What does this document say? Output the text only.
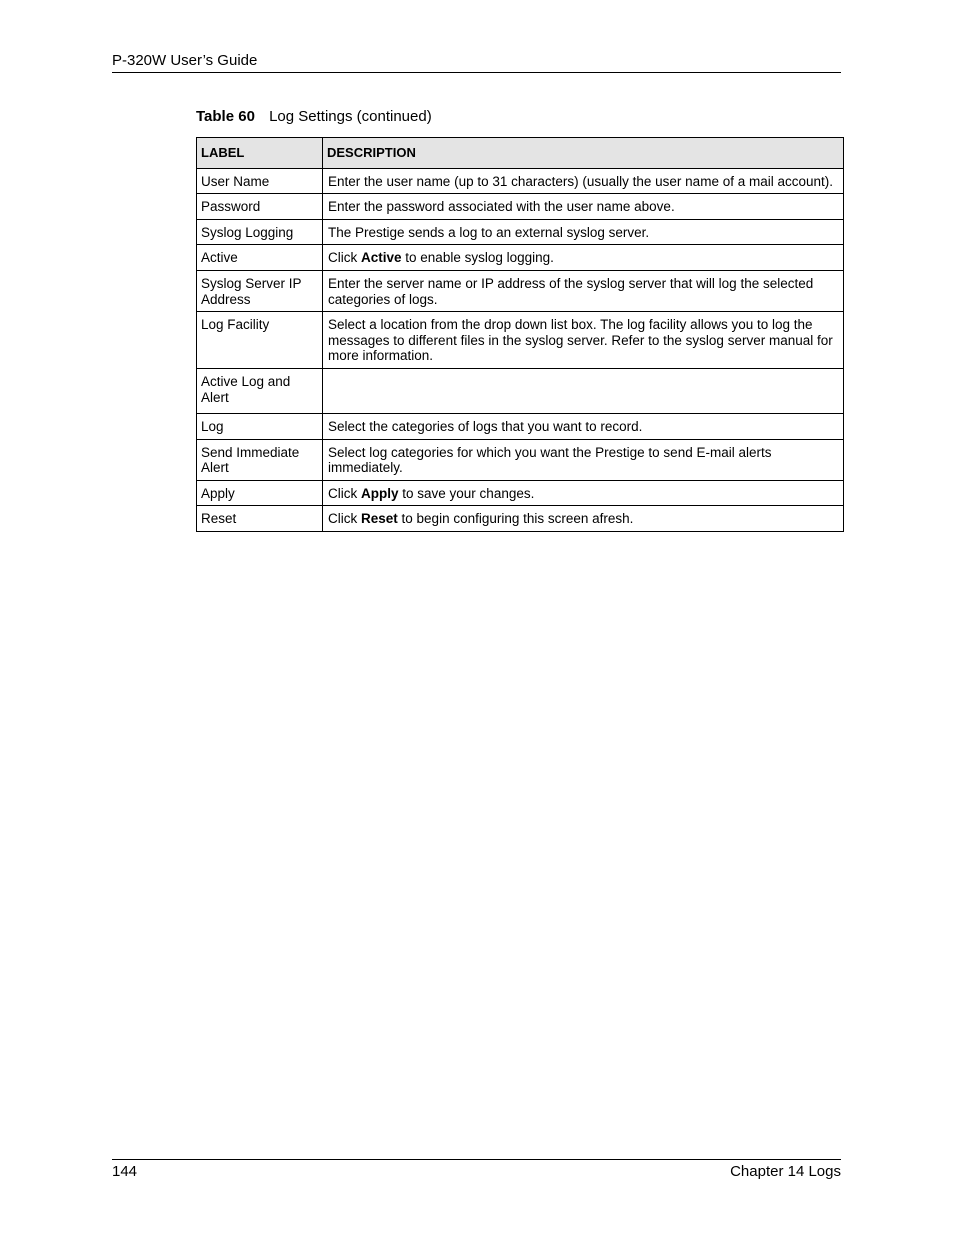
P-320W User’s Guide
Table 60 Log Settings (continued)
LABEL	DESCRIPTION
User Name	Enter the user name (up to 31 characters) (usually the user name of a mail account).
Password	Enter the password associated with the user name above.
Syslog Logging	The Prestige sends a log to an external syslog server.
Active	Click Active to enable syslog logging.
Syslog Server IP Address	Enter the server name or IP address of the syslog server that will log the selected categories of logs.
Log Facility	Select a location from the drop down list box. The log facility allows you to log the messages to different files in the syslog server. Refer to the syslog server manual for more information.
Active Log and Alert	
Log	Select the categories of logs that you want to record.
Send Immediate Alert	Select log categories for which you want the Prestige to send E-mail alerts immediately.
Apply	Click Apply to save your changes.
Reset	Click Reset to begin configuring this screen afresh.
144	Chapter 14 Logs
